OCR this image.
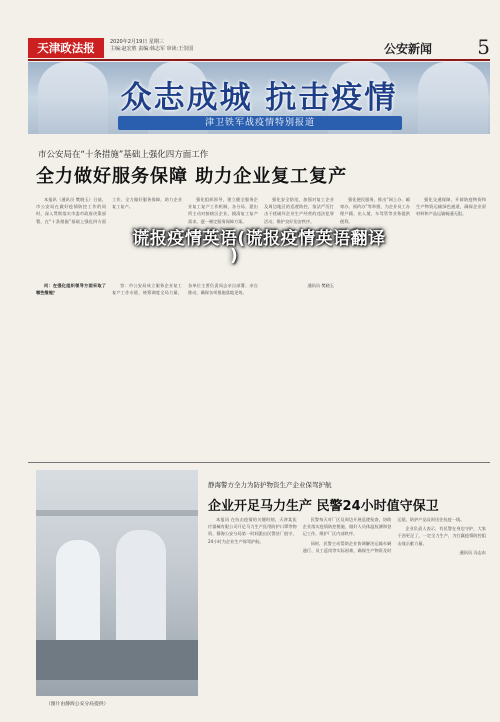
天津政法报	2020年2月19日 星期三
主编:赵宏胜 责编:韩志军 审读:王崇国	公安新闻 5
众志成城 抗击疫情
津卫铁军战疫情特别报道
市公安局在“十条措施”基础上强化四方面工作
全力做好服务保障 助力企业复工复产

本报讯（通讯员 樊晓玉）日前，市公安局在做好疫情防控工作的同时，深入贯彻落实市委市政府决策部署，在“十条措施”基础上强化四方面工作，全力做好服务保障，助力企业复工复产。

强化组织领导，建立健全服务企业复工复产工作机制，各分局、派出所主动对接辖区企业，摸清复工复产需求，逐一制定服务保障方案。

强化安全防范，加强对复工企业及周边地区的巡逻防控，依法严厉打击干扰破坏企业生产经营的违法犯罪活动，维护良好治安秩序。

强化便民服务，推出“网上办、邮寄办、预约办”等举措，为企业员工办理户籍、出入境、车驾管等业务提供便利。

强化交通保障，开辟防疫物资和生产物资运输绿色通道，确保企业原材料和产品运输畅通无阻。

问：在强化组织领导方面采取了哪些措施？

答：市公安局成立服务企业复工复产工作专班，统筹调度全局力量，各单位主要负责同志亲自部署、亲自推动，确保各项措施落地见效。

通讯员 樊晓玉

谎报疫情英语(谎报疫情英语翻译
)
（图片由静海公安分局提供）
静海警方全力为防护物资生产企业保驾护航
企业开足马力生产 民警24小时值守保卫

本报讯 在抗击疫情的关键时刻，天津某医疗器械有限公司开足马力生产医用防护口罩等物资，静海公安分局第一时间派出民警驻厂值守，24小时为企业生产保驾护航。

民警每天对厂区及周边开展巡逻检查，协助企业落实疫情防控措施，做好人员体温检测和登记工作，维护厂区内部秩序。

同时，民警主动帮助企业协调解决运输车辆通行、员工返岗等实际困难，确保生产物资及时运抵、防护产品及时送往抗疫一线。

企业负责人表示，有民警在身边守护，大家干劲更足了，一定全力生产，为打赢疫情防控阻击战贡献力量。

通讯员 冯志东
